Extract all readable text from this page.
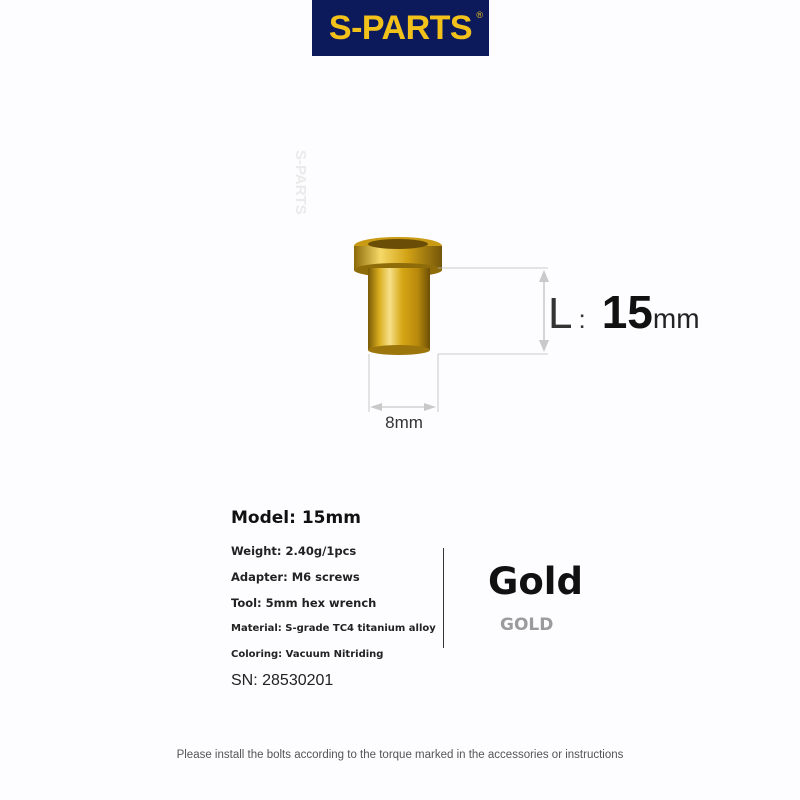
S-PARTS ®
S-PARTS
L : 15 mm
8mm
Model: 15mm
Weight: 2.40g/1pcs
Adapter: M6 screws
Tool: 5mm hex wrench
Material: S-grade TC4 titanium alloy
Coloring: Vacuum Nitriding
SN: 28530201
Gold
GOLD
Please install the bolts according to the torque marked in the accessories or instructions
